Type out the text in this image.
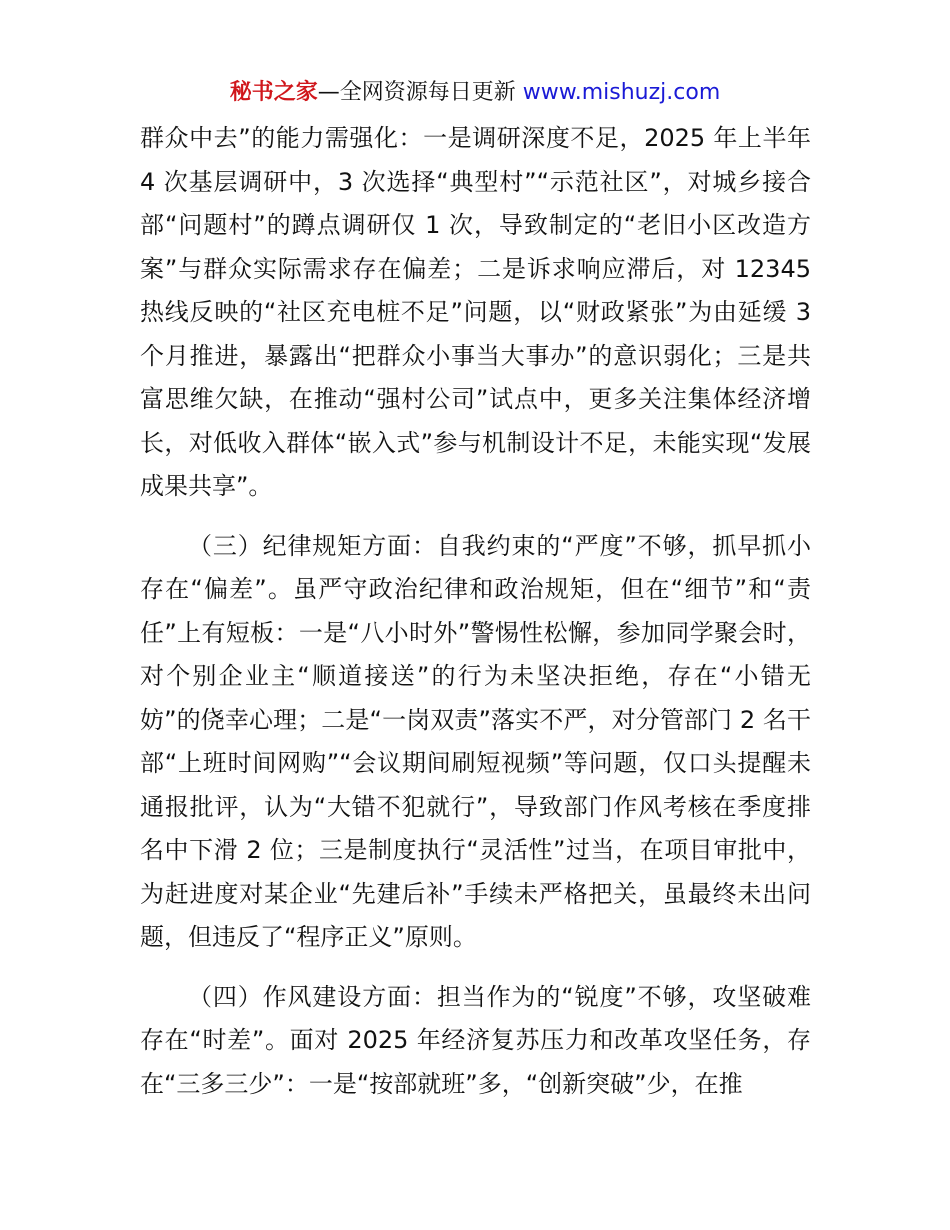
秘书之家—全网资源每日更新 www.mishuzj.com

群众中去”的能力需强化：一是调研深度不足，2025 年上半年 4 次基层调研中，3 次选择“典型村”“示范社区”，对城乡接合部“问题村”的蹲点调研仅 1 次，导致制定的“老旧小区改造方案”与群众实际需求存在偏差；二是诉求响应滞后，对 12345 热线反映的“社区充电桩不足”问题，以“财政紧张”为由延缓 3 个月推进，暴露出“把群众小事当大事办”的意识弱化；三是共富思维欠缺，在推动“强村公司”试点中，更多关注集体经济增长，对低收入群体“嵌入式”参与机制设计不足，未能实现“发展成果共享”。

（三）纪律规矩方面：自我约束的“严度”不够，抓早抓小存在“偏差”。虽严守政治纪律和政治规矩，但在“细节”和“责任”上有短板：一是“八小时外”警惕性松懈，参加同学聚会时，对个别企业主“顺道接送”的行为未坚决拒绝，存在“小错无妨”的侥幸心理；二是“一岗双责”落实不严，对分管部门 2 名干部“上班时间网购”“会议期间刷短视频”等问题，仅口头提醒未通报批评，认为“大错不犯就行”，导致部门作风考核在季度排名中下滑 2 位；三是制度执行“灵活性”过当，在项目审批中，为赶进度对某企业“先建后补”手续未严格把关，虽最终未出问题，但违反了“程序正义”原则。

（四）作风建设方面：担当作为的“锐度”不够，攻坚破难存在“时差”。面对 2025 年经济复苏压力和改革攻坚任务，存在“三多三少”：一是“按部就班”多，“创新突破”少，在推
